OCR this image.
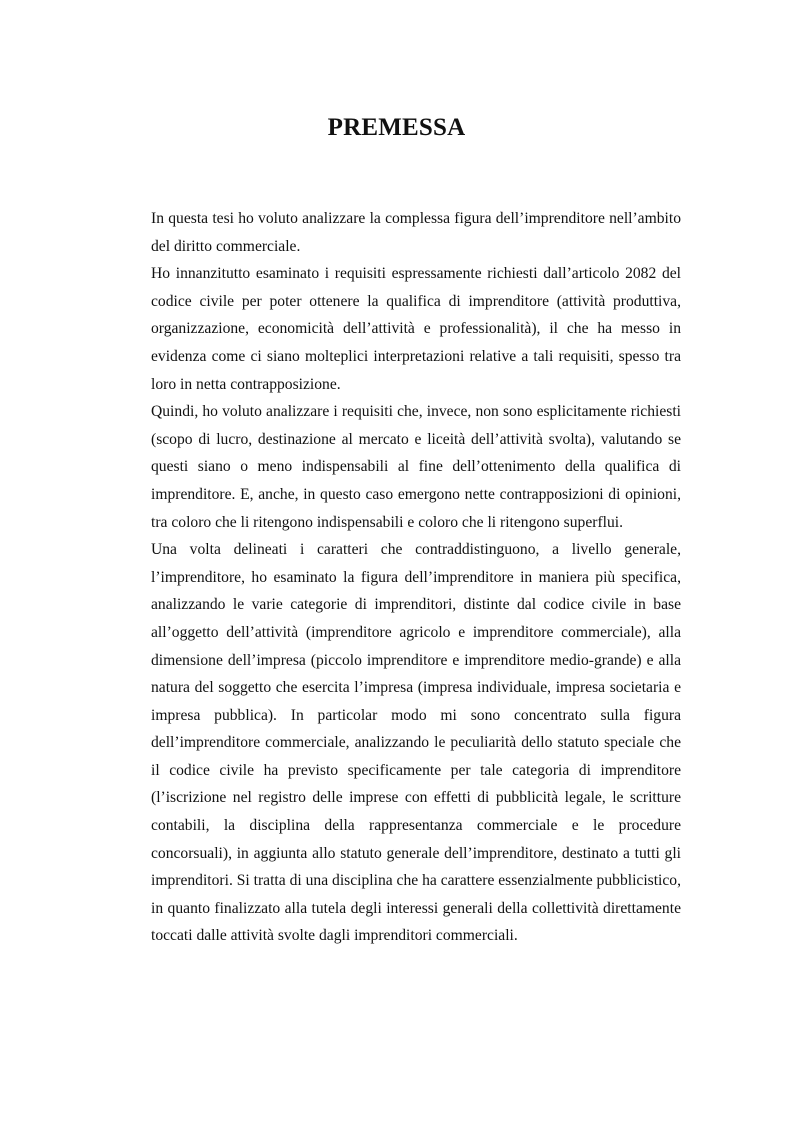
PREMESSA

In questa tesi ho voluto analizzare la complessa figura dell’imprenditore nell’ambito del diritto commerciale.

Ho innanzitutto esaminato i requisiti espressamente richiesti dall’articolo 2082 del codice civile per poter ottenere la qualifica di imprenditore (attività produttiva, organizzazione, economicità dell’attività e professionalità), il che ha messo in evidenza come ci siano molteplici interpretazioni relative a tali requisiti, spesso tra loro in netta contrapposizione.

Quindi, ho voluto analizzare i requisiti che, invece, non sono esplicitamente richiesti (scopo di lucro, destinazione al mercato e liceità dell’attività svolta), valutando se questi siano o meno indispensabili al fine dell’ottenimento della qualifica di imprenditore. E, anche, in questo caso emergono nette contrapposizioni di opinioni, tra coloro che li ritengono indispensabili e coloro che li ritengono superflui.

Una volta delineati i caratteri che contraddistinguono, a livello generale, l’imprenditore, ho esaminato la figura dell’imprenditore in maniera più specifica, analizzando le varie categorie di imprenditori, distinte dal codice civile in base all’oggetto dell’attività (imprenditore agricolo e imprenditore commerciale), alla dimensione dell’impresa (piccolo imprenditore e imprenditore medio-grande) e alla natura del soggetto che esercita l’impresa (impresa individuale, impresa societaria e impresa pubblica). In particolar modo mi sono concentrato sulla figura dell’imprenditore commerciale, analizzando le peculiarità dello statuto speciale che il codice civile ha previsto specificamente per tale categoria di imprenditore (l’iscrizione nel registro delle imprese con effetti di pubblicità legale, le scritture contabili, la disciplina della rappresentanza commerciale e le procedure concorsuali), in aggiunta allo statuto generale dell’imprenditore, destinato a tutti gli imprenditori. Si tratta di una disciplina che ha carattere essenzialmente pubblicistico, in quanto finalizzato alla tutela degli interessi generali della collettività direttamente toccati dalle attività svolte dagli imprenditori commerciali.
